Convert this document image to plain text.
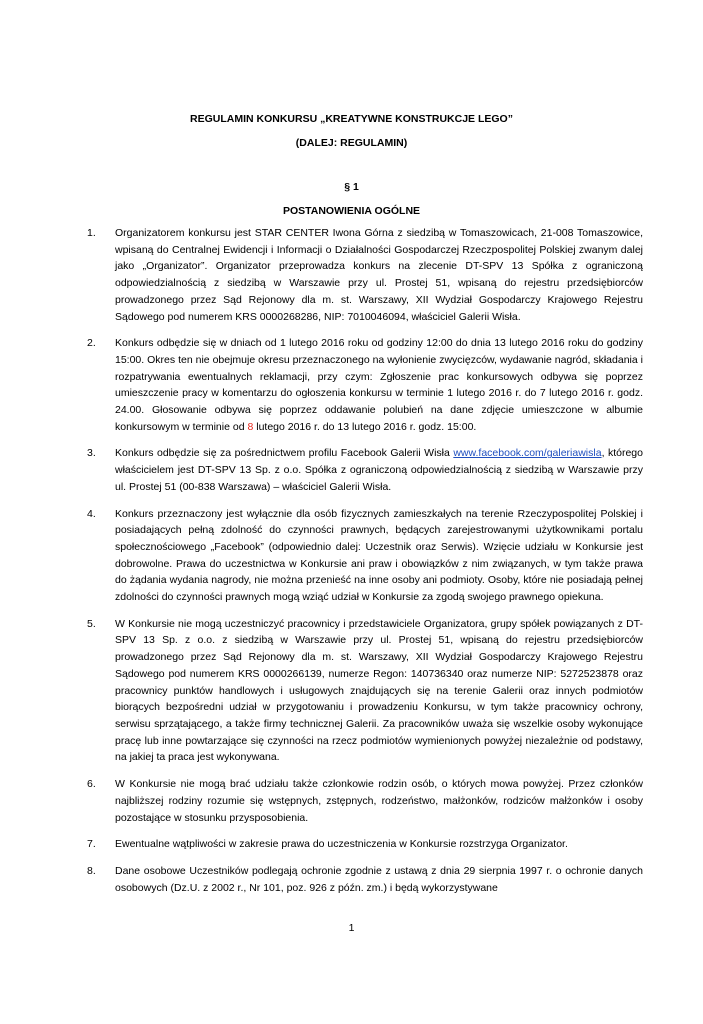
REGULAMIN KONKURSU „KREATYWNE KONSTRUKCJE LEGO”
(DALEJ: REGULAMIN)
§ 1
POSTANOWIENIA OGÓLNE
1. Organizatorem konkursu jest STAR CENTER Iwona Górna z siedzibą w Tomaszowicach, 21-008 Tomaszowice, wpisaną do Centralnej Ewidencji i Informacji o Działalności Gospodarczej Rzeczpospolitej Polskiej zwanym dalej jako „Organizator”. Organizator przeprowadza konkurs na zlecenie DT-SPV 13 Spółka z ograniczoną odpowiedzialnością z siedzibą w Warszawie przy ul. Prostej 51, wpisaną do rejestru przedsiębiorców prowadzonego przez Sąd Rejonowy dla m. st. Warszawy, XII Wydział Gospodarczy Krajowego Rejestru Sądowego pod numerem KRS 0000268286, NIP: 7010046094, właściciel Galerii Wisła.
2. Konkurs odbędzie się w dniach od 1 lutego 2016 roku od godziny 12:00 do dnia 13 lutego 2016 roku do godziny 15:00. Okres ten nie obejmuje okresu przeznaczonego na wyłonienie zwycięzców, wydawanie nagród, składania i rozpatrywania ewentualnych reklamacji, przy czym: Zgłoszenie prac konkursowych odbywa się poprzez umieszczenie pracy w komentarzu do ogłoszenia konkursu w terminie 1 lutego 2016 r. do 7 lutego 2016 r. godz. 24.00. Głosowanie odbywa się poprzez oddawanie polubień na dane zdjęcie umieszczone w albumie konkursowym w terminie od 8 lutego 2016 r. do 13 lutego 2016 r. godz. 15:00.
3. Konkurs odbędzie się za pośrednictwem profilu Facebook Galerii Wisła www.facebook.com/galeriawisla, którego właścicielem jest DT-SPV 13 Sp. z o.o. Spółka z ograniczoną odpowiedzialnością z siedzibą w Warszawie przy ul. Prostej 51 (00-838 Warszawa) – właściciel Galerii Wisła.
4. Konkurs przeznaczony jest wyłącznie dla osób fizycznych zamieszkałych na terenie Rzeczypospolitej Polskiej i posiadających pełną zdolność do czynności prawnych, będących zarejestrowanymi użytkownikami portalu społecznościowego „Facebook” (odpowiednio dalej: Uczestnik oraz Serwis). Wzięcie udziału w Konkursie jest dobrowolne. Prawa do uczestnictwa w Konkursie ani praw i obowiązków z nim związanych, w tym także prawa do żądania wydania nagrody, nie można przenieść na inne osoby ani podmioty. Osoby, które nie posiadają pełnej zdolności do czynności prawnych mogą wziąć udział w Konkursie za zgodą swojego prawnego opiekuna.
5. W Konkursie nie mogą uczestniczyć pracownicy i przedstawiciele Organizatora, grupy spółek powiązanych z DT-SPV 13 Sp. z o.o. z siedzibą w Warszawie przy ul. Prostej 51, wpisaną do rejestru przedsiębiorców prowadzonego przez Sąd Rejonowy dla m. st. Warszawy, XII Wydział Gospodarczy Krajowego Rejestru Sądowego pod numerem KRS 0000266139, numerze Regon: 140736340 oraz numerze NIP: 5272523878 oraz pracownicy punktów handlowych i usługowych znajdujących się na terenie Galerii oraz innych podmiotów biorących bezpośredni udział w przygotowaniu i prowadzeniu Konkursu, w tym także pracownicy ochrony, serwisu sprzątającego, a także firmy technicznej Galerii. Za pracowników uważa się wszelkie osoby wykonujące pracę lub inne powtarzające się czynności na rzecz podmiotów wymienionych powyżej niezależnie od podstawy, na jakiej ta praca jest wykonywana.
6. W Konkursie nie mogą brać udziału także członkowie rodzin osób, o których mowa powyżej. Przez członków najbliższej rodziny rozumie się wstępnych, zstępnych, rodzeństwo, małżonków, rodziców małżonków i osoby pozostające w stosunku przysposobienia.
7. Ewentualne wątpliwości w zakresie prawa do uczestniczenia w Konkursie rozstrzyga Organizator.
8. Dane osobowe Uczestników podlegają ochronie zgodnie z ustawą z dnia 29 sierpnia 1997 r. o ochronie danych osobowych (Dz.U. z 2002 r., Nr 101, poz. 926 z późn. zm.) i będą wykorzystywane
1
